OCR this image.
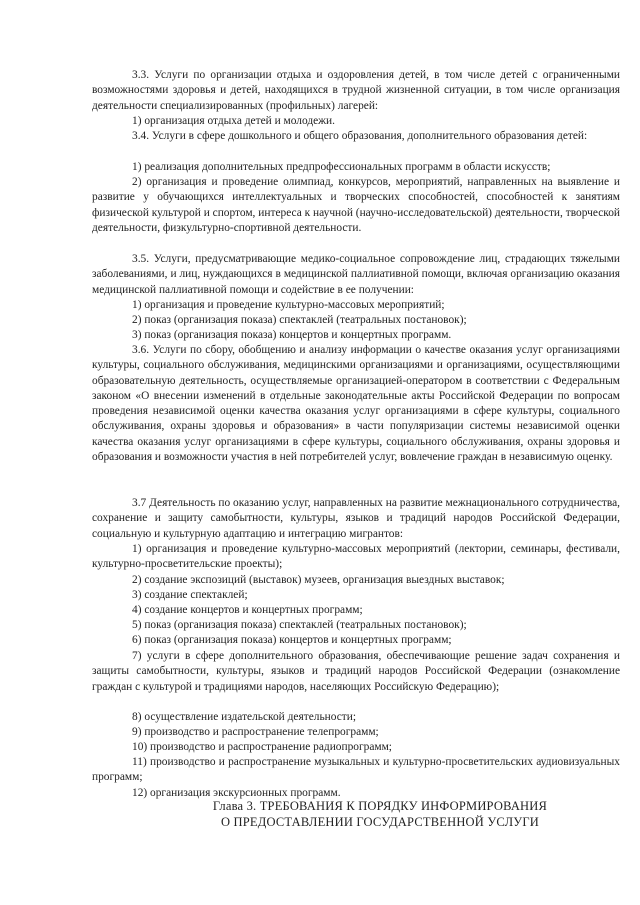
3.3. Услуги по организации отдыха и оздоровления детей, в том числе детей с ограниченными возможностями здоровья и детей, находящихся в трудной жизненной ситуации, в том числе организация деятельности специализированных (профильных) лагерей:
1) организация отдыха детей и молодежи.
3.4. Услуги в сфере дошкольного и общего образования, дополнительного образования детей:
1) реализация дополнительных предпрофессиональных программ в области искусств;
2) организация и проведение олимпиад, конкурсов, мероприятий, направленных на выявление и развитие у обучающихся интеллектуальных и творческих способностей, способностей к занятиям физической культурой и спортом, интереса к научной (научно-исследовательской) деятельности, творческой деятельности, физкультурно-спортивной деятельности.
3.5. Услуги, предусматривающие медико-социальное сопровождение лиц, страдающих тяжелыми заболеваниями, и лиц, нуждающихся в медицинской паллиативной помощи, включая организацию оказания медицинской паллиативной помощи и содействие в ее получении:
1) организация и проведение культурно-массовых мероприятий;
2) показ (организация показа) спектаклей (театральных постановок);
3) показ (организация показа) концертов и концертных программ.
3.6. Услуги по сбору, обобщению и анализу информации о качестве оказания услуг организациями культуры, социального обслуживания, медицинскими организациями и организациями, осуществляющими образовательную деятельность, осуществляемые организацией-оператором в соответствии с Федеральным законом «О внесении изменений в отдельные законодательные акты Российской Федерации по вопросам проведения независимой оценки качества оказания услуг организациями в сфере культуры, социального обслуживания, охраны здоровья и образования» в части популяризации системы независимой оценки качества оказания услуг организациями в сфере культуры, социального обслуживания, охраны здоровья и образования и возможности участия в ней потребителей услуг, вовлечение граждан в независимую оценку.
3.7 Деятельность по оказанию услуг, направленных на развитие межнационального сотрудничества, сохранение и защиту самобытности, культуры, языков и традиций народов Российской Федерации, социальную и культурную адаптацию и интеграцию мигрантов:
1) организация и проведение культурно-массовых мероприятий (лектории, семинары, фестивали, культурно-просветительские проекты);
2) создание экспозиций (выставок) музеев, организация выездных выставок;
3) создание спектаклей;
4) создание концертов и концертных программ;
5) показ (организация показа) спектаклей (театральных постановок);
6) показ (организация показа) концертов и концертных программ;
7) услуги в сфере дополнительного образования, обеспечивающие решение задач сохранения и защиты самобытности, культуры, языков и традиций народов Российской Федерации (ознакомление граждан с культурой и традициями народов, населяющих Российскую Федерацию);
8) осуществление издательской деятельности;
9) производство и распространение телепрограмм;
10) производство и распространение радиопрограмм;
11) производство и распространение музыкальных и культурно-просветительских аудиовизуальных программ;
12) организация экскурсионных программ.
Глава 3. ТРЕБОВАНИЯ К ПОРЯДКУ ИНФОРМИРОВАНИЯ
О ПРЕДОСТАВЛЕНИИ ГОСУДАРСТВЕННОЙ УСЛУГИ
